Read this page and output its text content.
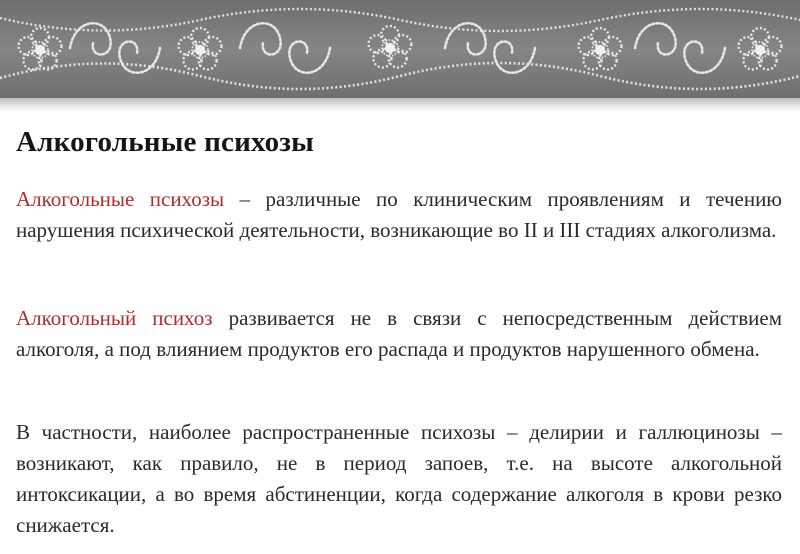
Алкогольные психозы

Алкогольные психозы – различные по клиническим проявлениям и течению нарушения психической деятельности, возникающие во II и III стадиях алкоголизма.

Алкогольный психоз развивается не в связи с непосредственным действием алкоголя, а под влиянием продуктов его распада и продуктов нарушенного обмена.

В частности, наиболее распространенные психозы – делирии и галлюцинозы – возникают, как правило, не в период запоев, т.е. на высоте алкогольной интоксикации, а во время абстиненции, когда содержание алкоголя в крови резко снижается.
